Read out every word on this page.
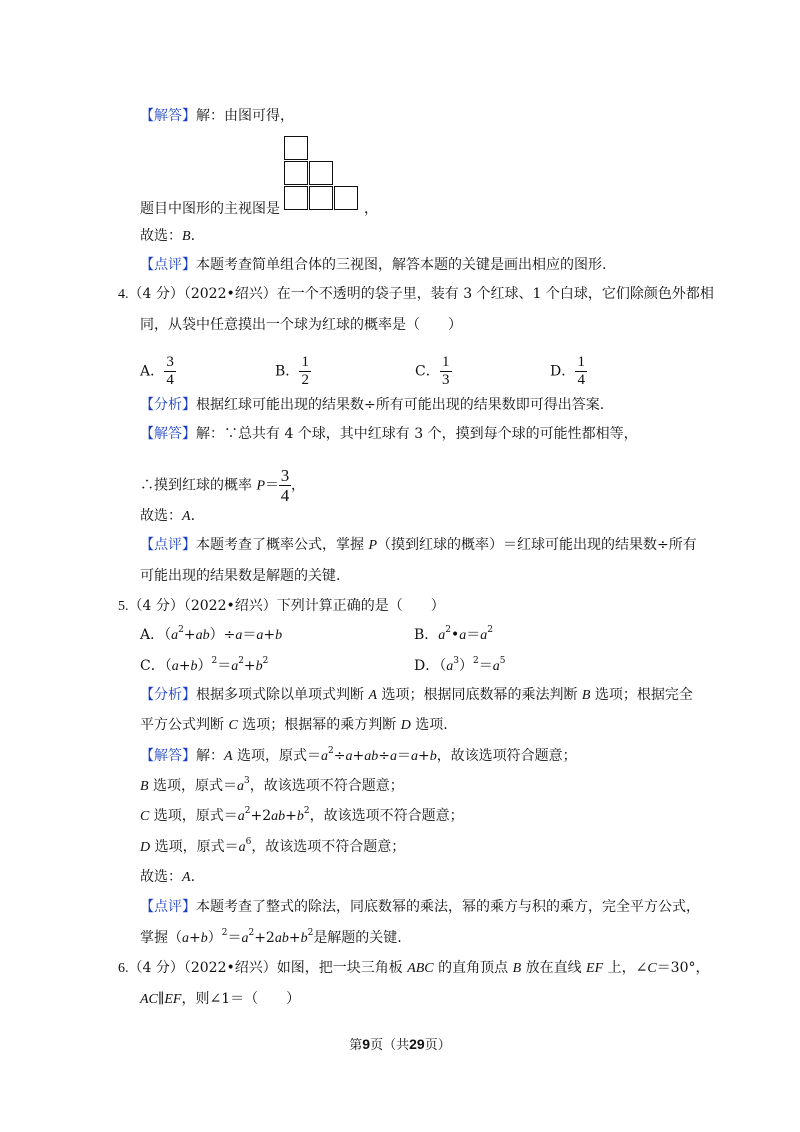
【解答】解：由图可得，
题目中图形的主视图是	，
故选：B.
【点评】本题考查简单组合体的三视图，解答本题的关键是画出相应的图形.
4.（4 分）（2022•绍兴）在一个不透明的袋子里，装有 3 个红球、1 个白球，它们除颜色外都相
同，从袋中任意摸出一个球为红球的概率是（　　）
A． $\frac{3}{4}$	B． $\frac{1}{2}$	C． $\frac{1}{3}$	D． $\frac{1}{4}$
【分析】根据红球可能出现的结果数÷所有可能出现的结果数即可得出答案.
【解答】解：∵总共有 4 个球，其中红球有 3 个，摸到每个球的可能性都相等，
∴摸到红球的概率 $P= \frac{3}{4}$ ，
故选：A.
【点评】本题考查了概率公式，掌握 P（摸到红球的概率）＝红球可能出现的结果数÷所有
可能出现的结果数是解题的关键.
5.（4 分）（2022•绍兴）下列计算正确的是（　　）
A．$(a^2+ab)\div a=a+b$	B．$a^2•a=a^2$
C．$(a+b)^2=a^2+b^2$	D．$(a^3)^2=a^5$
【分析】根据多项式除以单项式判断 A 选项；根据同底数幂的乘法判断 B 选项；根据完全
平方公式判断 C 选项；根据幂的乘方判断 D 选项.
【解答】解：A 选项，原式$=a^2\div a+ab\div a=a+b$，故该选项符合题意；
B 选项，原式$=a^3$，故该选项不符合题意；
C 选项，原式$=a^2+2ab+b^2$，故该选项不符合题意；
D 选项，原式$=a^6$，故该选项不符合题意；
故选：A.
【点评】本题考查了整式的除法，同底数幂的乘法，幂的乘方与积的乘方，完全平方公式，
掌握$(a+b)^2=a^2+2ab+b^2$是解题的关键.
6.（4 分）（2022•绍兴）如图，把一块三角板 ABC 的直角顶点 B 放在直线 EF 上，∠C＝30°，
AC∥EF，则∠1＝（　　）
第9页（共29页）
